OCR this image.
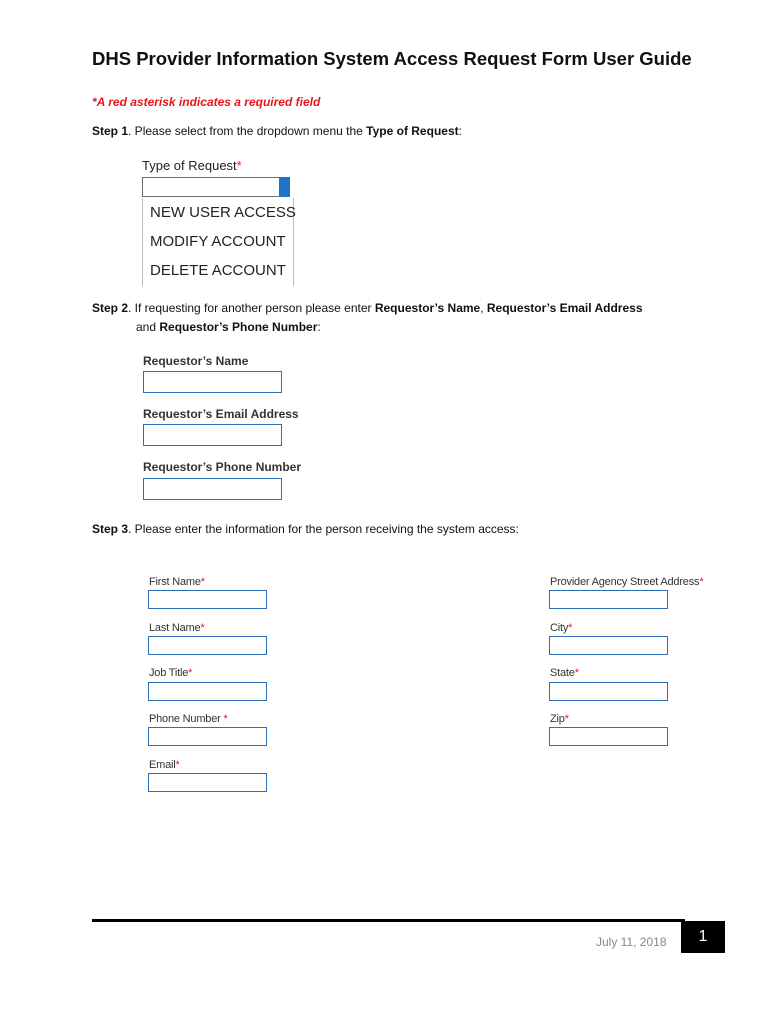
DHS Provider Information System Access Request Form User Guide
*A red asterisk indicates a required field
Step 1. Please select from the dropdown menu the Type of Request:
Type of Request*
NEW USER ACCESS
MODIFY ACCOUNT
DELETE ACCOUNT
Step 2. If requesting for another person please enter Requestor’s Name, Requestor’s Email Address
and Requestor’s Phone Number:
Requestor’s Name
Requestor’s Email Address
Requestor’s Phone Number
Step 3. Please enter the information for the person receiving the system access:
First Name*
Last Name*
Job Title*
Phone Number *
Email*
Provider Agency Street Address*
City*
State*
Zip*
July 11, 2018	1
